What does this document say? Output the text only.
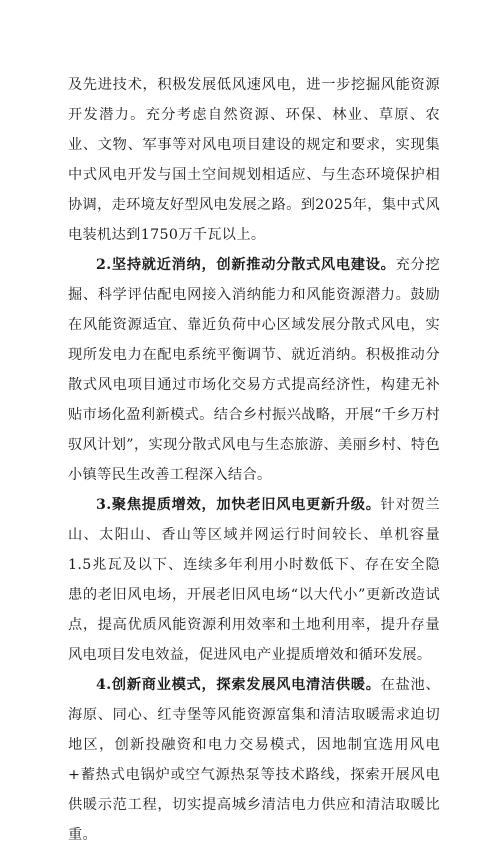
及先进技术，积极发展低风速风电，进一步挖掘风能资源开发潜力。充分考虑自然资源、环保、林业、草原、农业、文物、军事等对风电项目建设的规定和要求，实现集中式风电开发与国土空间规划相适应、与生态环境保护相协调，走环境友好型风电发展之路。到2025年，集中式风电装机达到1750万千瓦以上。

2.坚持就近消纳，创新推动分散式风电建设。充分挖掘、科学评估配电网接入消纳能力和风能资源潜力。鼓励在风能资源适宜、靠近负荷中心区域发展分散式风电，实现所发电力在配电系统平衡调节、就近消纳。积极推动分散式风电项目通过市场化交易方式提高经济性，构建无补贴市场化盈利新模式。结合乡村振兴战略，开展“千乡万村驭风计划”，实现分散式风电与生态旅游、美丽乡村、特色小镇等民生改善工程深入结合。

3.聚焦提质增效，加快老旧风电更新升级。针对贺兰山、太阳山、香山等区域并网运行时间较长、单机容量1.5兆瓦及以下、连续多年利用小时数低下、存在安全隐患的老旧风电场，开展老旧风电场“以大代小”更新改造试点，提高优质风能资源利用效率和土地利用率，提升存量风电项目发电效益，促进风电产业提质增效和循环发展。

4.创新商业模式，探索发展风电清洁供暖。在盐池、海原、同心、红寺堡等风能资源富集和清洁取暖需求迫切地区，创新投融资和电力交易模式，因地制宜选用风电+蓄热式电锅炉或空气源热泵等技术路线，探索开展风电供暖示范工程，切实提高城乡清洁电力供应和清洁取暖比重。
